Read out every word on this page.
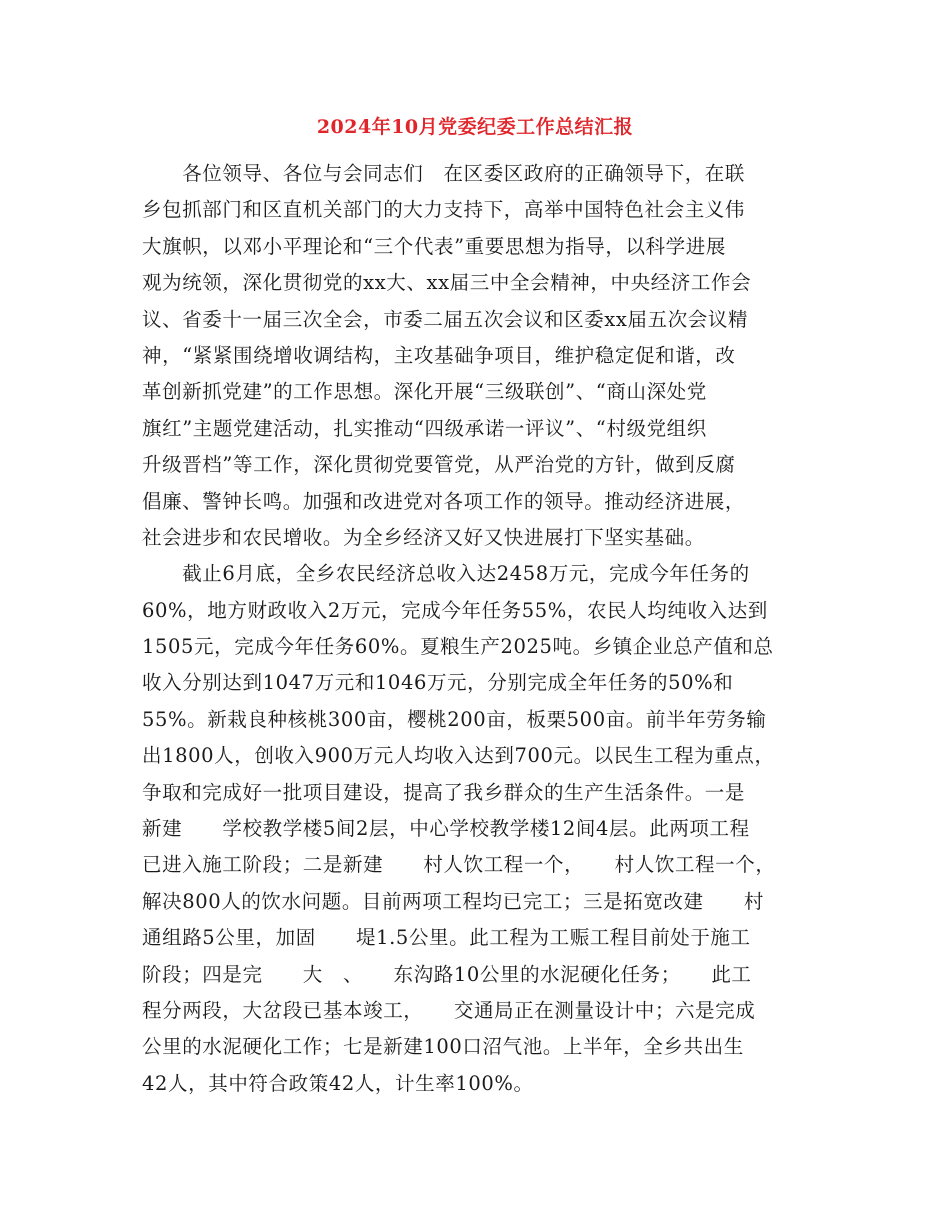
2024年10月党委纪委工作总结汇报
　　各位领导、各位与会同志们　在区委区政府的正确领导下，在联
乡包抓部门和区直机关部门的大力支持下，高举中国特色社会主义伟
大旗帜，以邓小平理论和“三个代表”重要思想为指导，以科学进展
观为统领，深化贯彻党的xx大、xx届三中全会精神，中央经济工作会
议、省委十一届三次全会，市委二届五次会议和区委xx届五次会议精
神，“紧紧围绕增收调结构，主攻基础争项目，维护稳定促和谐，改
革创新抓党建”的工作思想。深化开展“三级联创”、“商山深处党
旗红”主题党建活动，扎实推动“四级承诺一评议”、“村级党组织
升级晋档”等工作，深化贯彻党要管党，从严治党的方针，做到反腐
倡廉、警钟长鸣。加强和改进党对各项工作的领导。推动经济进展，
社会进步和农民增收。为全乡经济又好又快进展打下坚实基础。
　　截止6月底，全乡农民经济总收入达2458万元，完成今年任务的
60%，地方财政收入2万元，完成今年任务55%，农民人均纯收入达到
1505元，完成今年任务60%。夏粮生产2025吨。乡镇企业总产值和总
收入分别达到1047万元和1046万元，分别完成全年任务的50%和
55%。新栽良种核桃300亩，樱桃200亩，板栗500亩。前半年劳务输
出1800人，创收入900万元人均收入达到700元。以民生工程为重点，
争取和完成好一批项目建设，提高了我乡群众的生产生活条件。一是
新建　　学校教学楼5间2层，中心学校教学楼12间4层。此两项工程
已进入施工阶段；二是新建　　村人饮工程一个，　　村人饮工程一个，
解决800人的饮水问题。目前两项工程均已完工；三是拓宽改建　　村
通组路5公里，加固　　堤1.5公里。此工程为工赈工程目前处于施工
阶段；四是完　　大　、　　东沟路10公里的水泥硬化任务；　　此工
程分两段，大岔段已基本竣工，　　交通局正在测量设计中；六是完成
公里的水泥硬化工作；七是新建100口沼气池。上半年，全乡共出生
42人，其中符合政策42人，计生率100%。
